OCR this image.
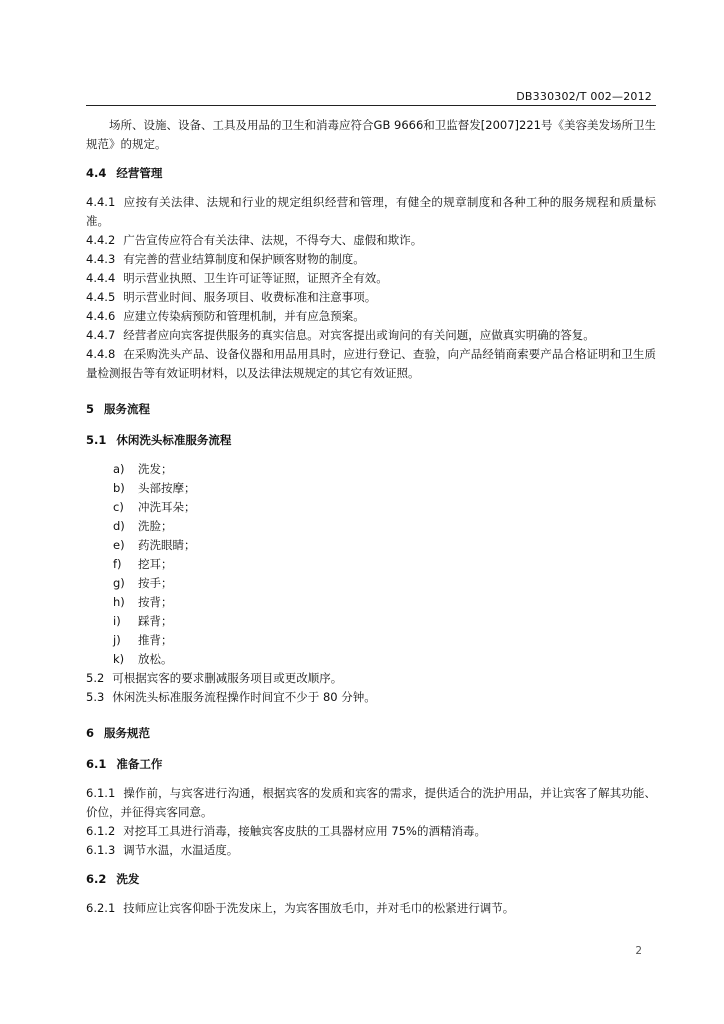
DB330302/T 002—2012

场所、设施、设备、工具及用品的卫生和消毒应符合GB 9666和卫监督发[2007]221号《美容美发场所卫生规范》的规定。

4.4 经营管理

4.4.1 应按有关法律、法规和行业的规定组织经营和管理，有健全的规章制度和各种工种的服务规程和质量标准。

4.4.2 广告宣传应符合有关法律、法规，不得夸大、虚假和欺诈。

4.4.3 有完善的营业结算制度和保护顾客财物的制度。

4.4.4 明示营业执照、卫生许可证等证照，证照齐全有效。

4.4.5 明示营业时间、服务项目、收费标准和注意事项。

4.4.6 应建立传染病预防和管理机制，并有应急预案。

4.4.7 经营者应向宾客提供服务的真实信息。对宾客提出或询问的有关问题，应做真实明确的答复。

4.4.8 在采购洗头产品、设备仪器和用品用具时，应进行登记、查验，向产品经销商索要产品合格证明和卫生质量检测报告等有效证明材料，以及法律法规规定的其它有效证照。

5 服务流程

5.1 休闲洗头标准服务流程

a) 洗发；
b) 头部按摩；
c) 冲洗耳朵；
d) 洗脸；
e) 药洗眼睛；
f) 挖耳；
g) 按手；
h) 按背；
i) 踩背；
j) 推背；
k) 放松。

5.2 可根据宾客的要求删减服务项目或更改顺序。

5.3 休闲洗头标准服务流程操作时间宜不少于 80 分钟。

6 服务规范

6.1 准备工作

6.1.1 操作前，与宾客进行沟通，根据宾客的发质和宾客的需求，提供适合的洗护用品，并让宾客了解其功能、价位，并征得宾客同意。

6.1.2 对挖耳工具进行消毒，接触宾客皮肤的工具器材应用 75%的酒精消毒。

6.1.3 调节水温，水温适度。

6.2 洗发

6.2.1 技师应让宾客仰卧于洗发床上，为宾客围放毛巾，并对毛巾的松紧进行调节。

2
